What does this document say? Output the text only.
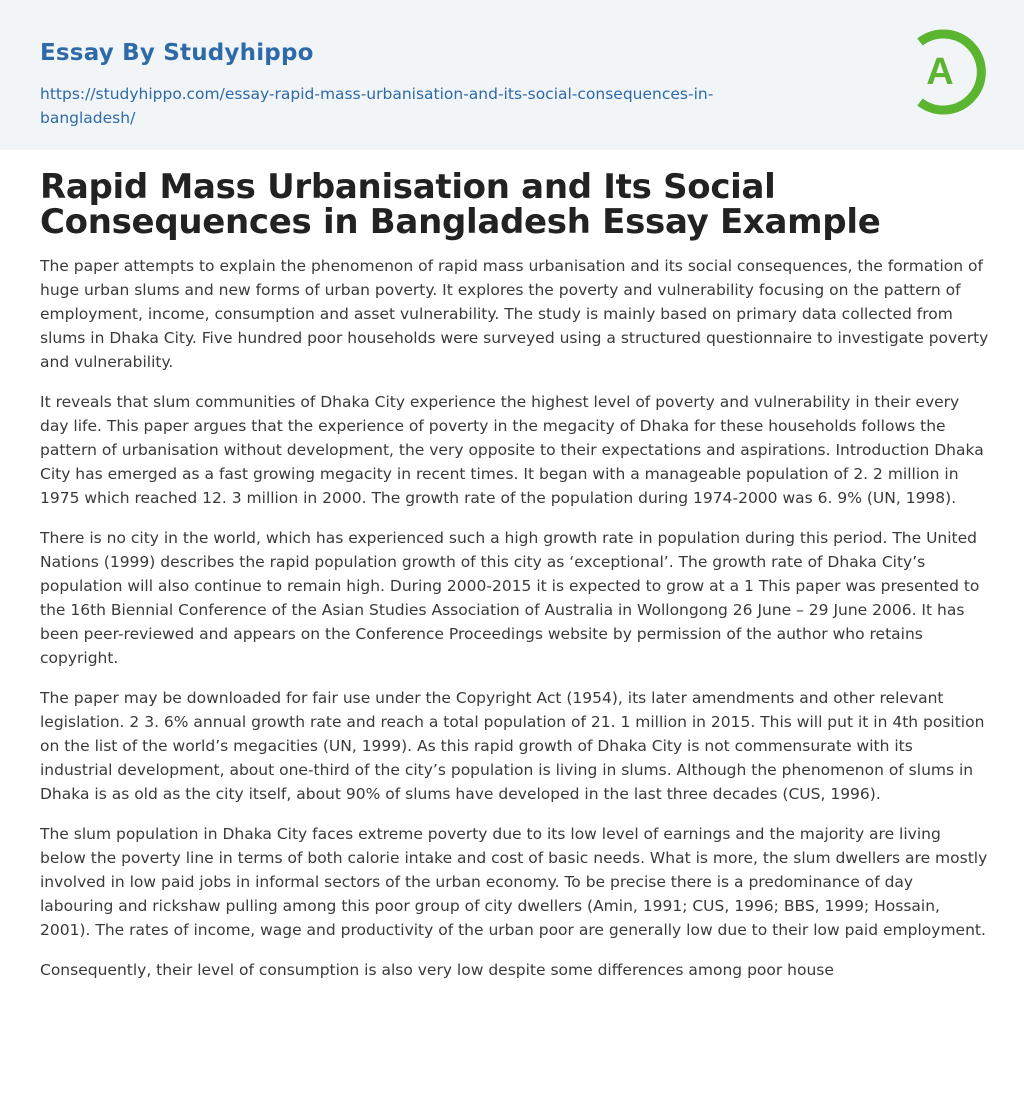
Essay By Studyhippo
https://studyhippo.com/essay-rapid-mass-urbanisation-and-its-social-consequences-in-bangladesh/
A
Rapid Mass Urbanisation and Its Social Consequences in Bangladesh Essay Example

The paper attempts to explain the phenomenon of rapid mass urbanisation and its social consequences, the formation of huge urban slums and new forms of urban poverty. It explores the poverty and vulnerability focusing on the pattern of employment, income, consumption and asset vulnerability. The study is mainly based on primary data collected from slums in Dhaka City. Five hundred poor households were surveyed using a structured questionnaire to investigate poverty and vulnerability.

It reveals that slum communities of Dhaka City experience the highest level of poverty and vulnerability in their every day life. This paper argues that the experience of poverty in the megacity of Dhaka for these households follows the pattern of urbanisation without development, the very opposite to their expectations and aspirations. Introduction Dhaka City has emerged as a fast growing megacity in recent times. It began with a manageable population of 2. 2 million in 1975 which reached 12. 3 million in 2000. The growth rate of the population during 1974-2000 was 6. 9% (UN, 1998).

There is no city in the world, which has experienced such a high growth rate in population during this period. The United Nations (1999) describes the rapid population growth of this city as ‘exceptional’. The growth rate of Dhaka City’s population will also continue to remain high. During 2000-2015 it is expected to grow at a 1 This paper was presented to the 16th Biennial Conference of the Asian Studies Association of Australia in Wollongong 26 June – 29 June 2006. It has been peer-reviewed and appears on the Conference Proceedings website by permission of the author who retains copyright.

The paper may be downloaded for fair use under the Copyright Act (1954), its later amendments and other relevant legislation. 2 3. 6% annual growth rate and reach a total population of 21. 1 million in 2015. This will put it in 4th position on the list of the world’s megacities (UN, 1999). As this rapid growth of Dhaka City is not commensurate with its industrial development, about one-third of the city’s population is living in slums. Although the phenomenon of slums in Dhaka is as old as the city itself, about 90% of slums have developed in the last three decades (CUS, 1996).

The slum population in Dhaka City faces extreme poverty due to its low level of earnings and the majority are living below the poverty line in terms of both calorie intake and cost of basic needs. What is more, the slum dwellers are mostly involved in low paid jobs in informal sectors of the urban economy. To be precise there is a predominance of day labouring and rickshaw pulling among this poor group of city dwellers (Amin, 1991; CUS, 1996; BBS, 1999; Hossain, 2001). The rates of income, wage and productivity of the urban poor are generally low due to their low paid employment.

Consequently, their level of consumption is also very low despite some differences among poor house
